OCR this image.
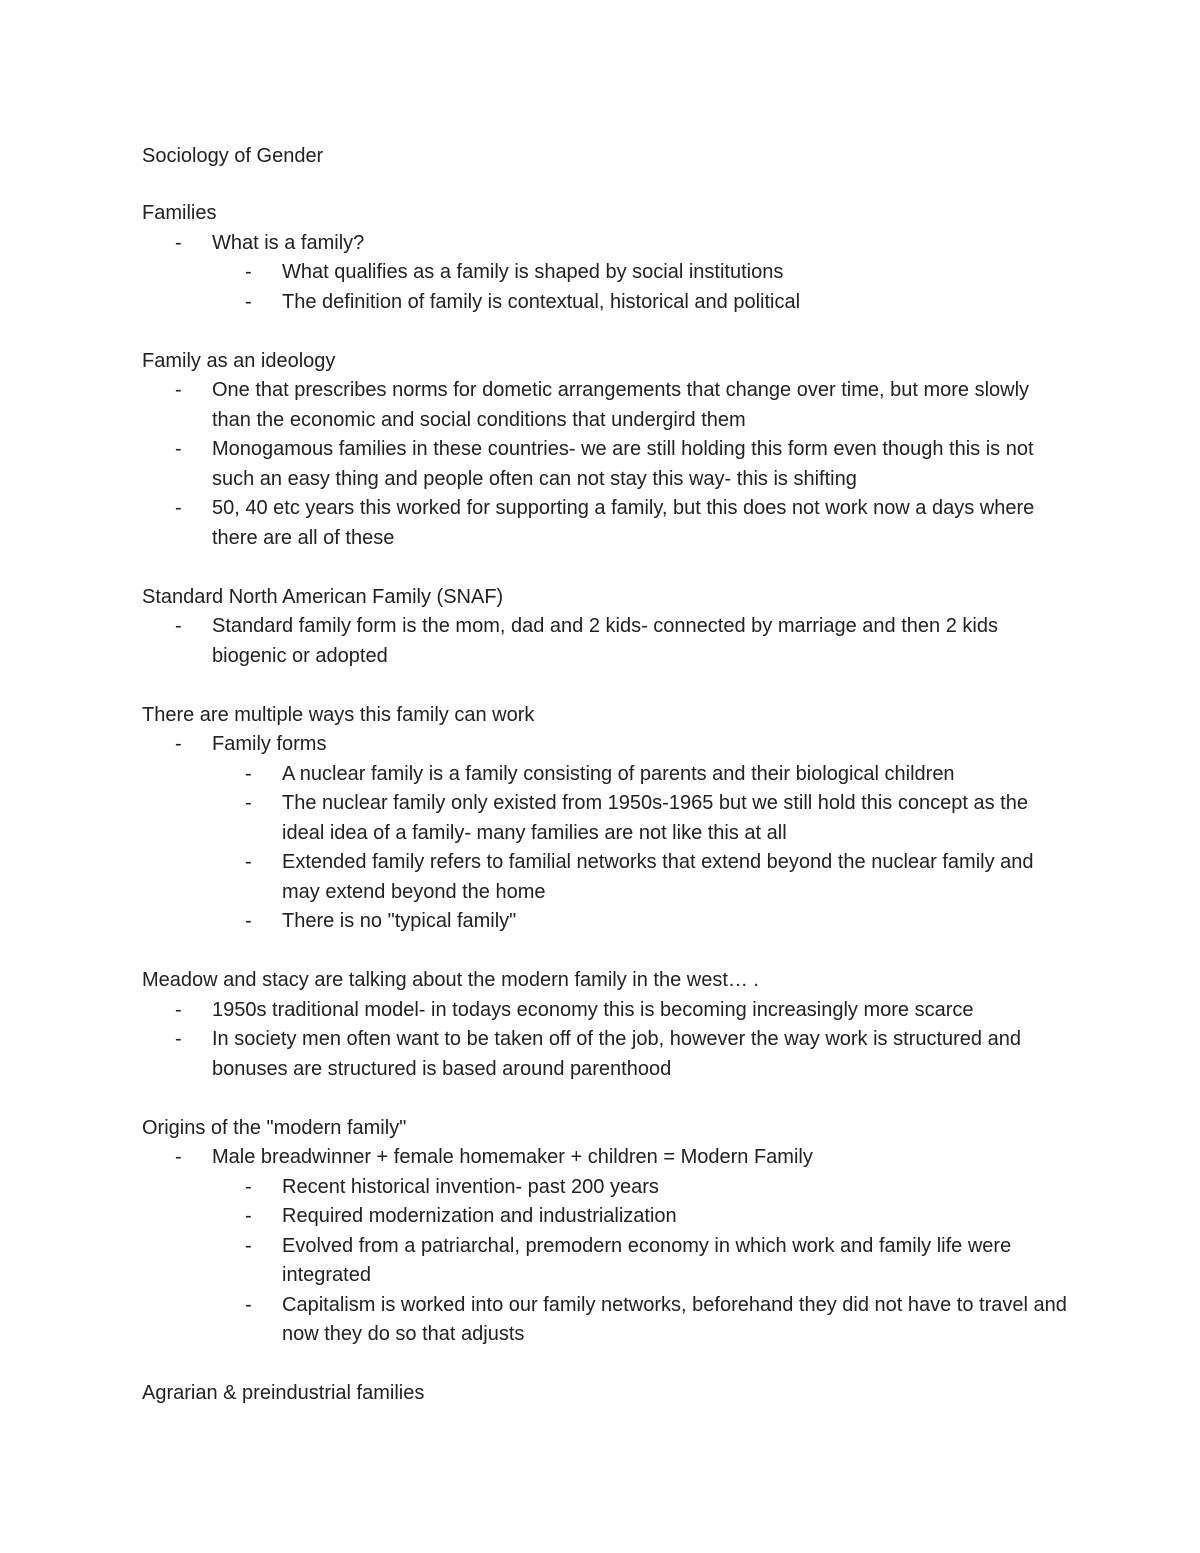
Sociology of Gender
Families
- What is a family?
- What qualifies as a family is shaped by social institutions
- The definition of family is contextual, historical and political
Family as an ideology
- One that prescribes norms for dometic arrangements that change over time, but more slowly than the economic and social conditions that undergird them
- Monogamous families in these countries- we are still holding this form even though this is not such an easy thing and people often can not stay this way- this is shifting
- 50, 40 etc years this worked for supporting a family, but this does not work now a days where there are all of these
Standard North American Family (SNAF)
- Standard family form is the mom, dad and 2 kids- connected by marriage and then 2 kids biogenic or adopted
There are multiple ways this family can work
- Family forms
- A nuclear family is a family consisting of parents and their biological children
- The nuclear family only existed from 1950s-1965 but we still hold this concept as the ideal idea of a family- many families are not like this at all
- Extended family refers to familial networks that extend beyond the nuclear family and may extend beyond the home
- There is no "typical family"
Meadow and stacy are talking about the modern family in the west… .
- 1950s traditional model- in todays economy this is becoming increasingly more scarce
- In society men often want to be taken off of the job, however the way work is structured and bonuses are structured is based around parenthood
Origins of the "modern family"
- Male breadwinner + female homemaker + children = Modern Family
- Recent historical invention- past 200 years
- Required modernization and industrialization
- Evolved from a patriarchal, premodern economy in which work and family life were integrated
- Capitalism is worked into our family networks, beforehand they did not have to travel and now they do so that adjusts
Agrarian & preindustrial families
